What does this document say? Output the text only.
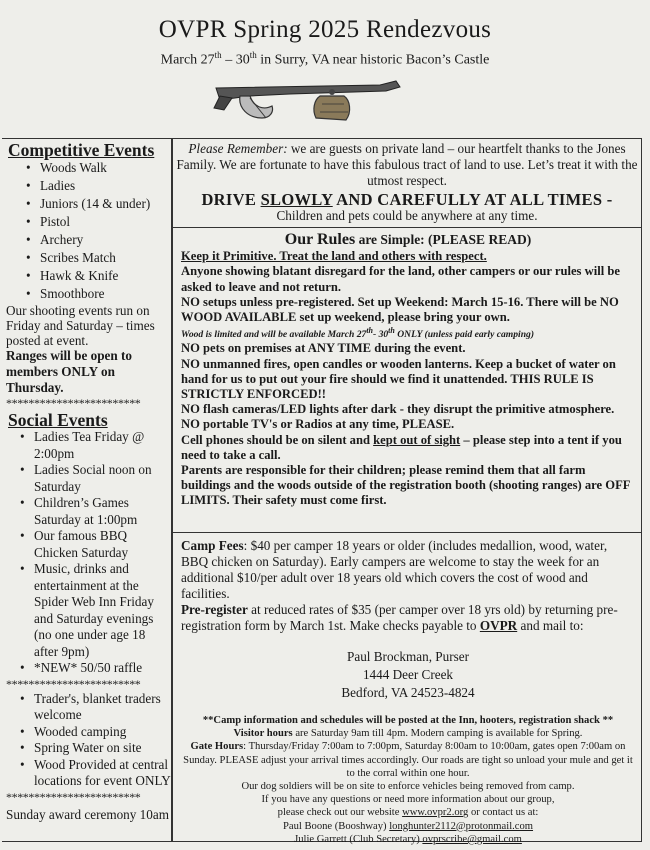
OVPR Spring 2025 Rendezvous
March 27th – 30th in Surry, VA near historic Bacon’s Castle
Competitive Events
• Woods Walk
• Ladies
• Juniors (14 & under)
• Pistol
• Archery
• Scribes Match
• Hawk & Knife
• Smoothbore
Our shooting events run on Friday and Saturday – times posted at event.
Ranges will be open to members ONLY on Thursday.
************************
Social Events
• Ladies Tea Friday @ 2:00pm
• Ladies Social noon on Saturday
• Children’s Games Saturday at 1:00pm
• Our famous BBQ Chicken Saturday
• Music, drinks and entertainment at the Spider Web Inn Friday and Saturday evenings (no one under age 18 after 9pm)
• *NEW* 50/50 raffle
************************
• Trader's, blanket traders welcome
• Wooded camping
• Spring Water on site
• Wood Provided at central locations for event ONLY
************************
Sunday award ceremony 10am
Please Remember: we are guests on private land – our heartfelt thanks to the Jones Family. We are fortunate to have this fabulous tract of land to use. Let’s treat it with the utmost respect.
DRIVE SLOWLY AND CAREFULLY AT ALL TIMES -
Children and pets could be anywhere at any time.
Our Rules are Simple: (PLEASE READ)
Keep it Primitive. Treat the land and others with respect.
Anyone showing blatant disregard for the land, other campers or our rules will be asked to leave and not return.
NO setups unless pre-registered. Set up Weekend: March 15-16. There will be NO WOOD AVAILABLE set up weekend, please bring your own.
Wood is limited and will be available March 27th- 30th ONLY (unless paid early camping)
NO pets on premises at ANY TIME during the event.
NO unmanned fires, open candles or wooden lanterns. Keep a bucket of water on hand for us to put out your fire should we find it unattended. THIS RULE IS STRICTLY ENFORCED!!
NO flash cameras/LED lights after dark - they disrupt the primitive atmosphere.
NO portable TV's or Radios at any time, PLEASE.
Cell phones should be on silent and kept out of sight – please step into a tent if you need to take a call.
Parents are responsible for their children; please remind them that all farm buildings and the woods outside of the registration booth (shooting ranges) are OFF LIMITS. Their safety must come first.
Camp Fees: $40 per camper 18 years or older (includes medallion, wood, water, BBQ chicken on Saturday). Early campers are welcome to stay the week for an additional $10/per adult over 18 years old which covers the cost of wood and facilities.
Pre-register at reduced rates of $35 (per camper over 18 yrs old) by returning pre-registration form by March 1st. Make checks payable to OVPR and mail to:
Paul Brockman, Purser
1444 Deer Creek
Bedford, VA 24523-4824
**Camp information and schedules will be posted at the Inn, hooters, registration shack **
Visitor hours are Saturday 9am till 4pm. Modern camping is available for Spring.
Gate Hours: Thursday/Friday 7:00am to 7:00pm, Saturday 8:00am to 10:00am, gates open 7:00am on Sunday. PLEASE adjust your arrival times accordingly. Our roads are tight so unload your mule and get it to the corral within one hour.
Our dog soldiers will be on site to enforce vehicles being removed from camp.
If you have any questions or need more information about our group,
please check out our website www.ovpr2.org or contact us at:
Paul Boone (Booshway) longhunter2112@protonmail.com
Julie Garrett (Club Secretary) ovprscribe@gmail.com
